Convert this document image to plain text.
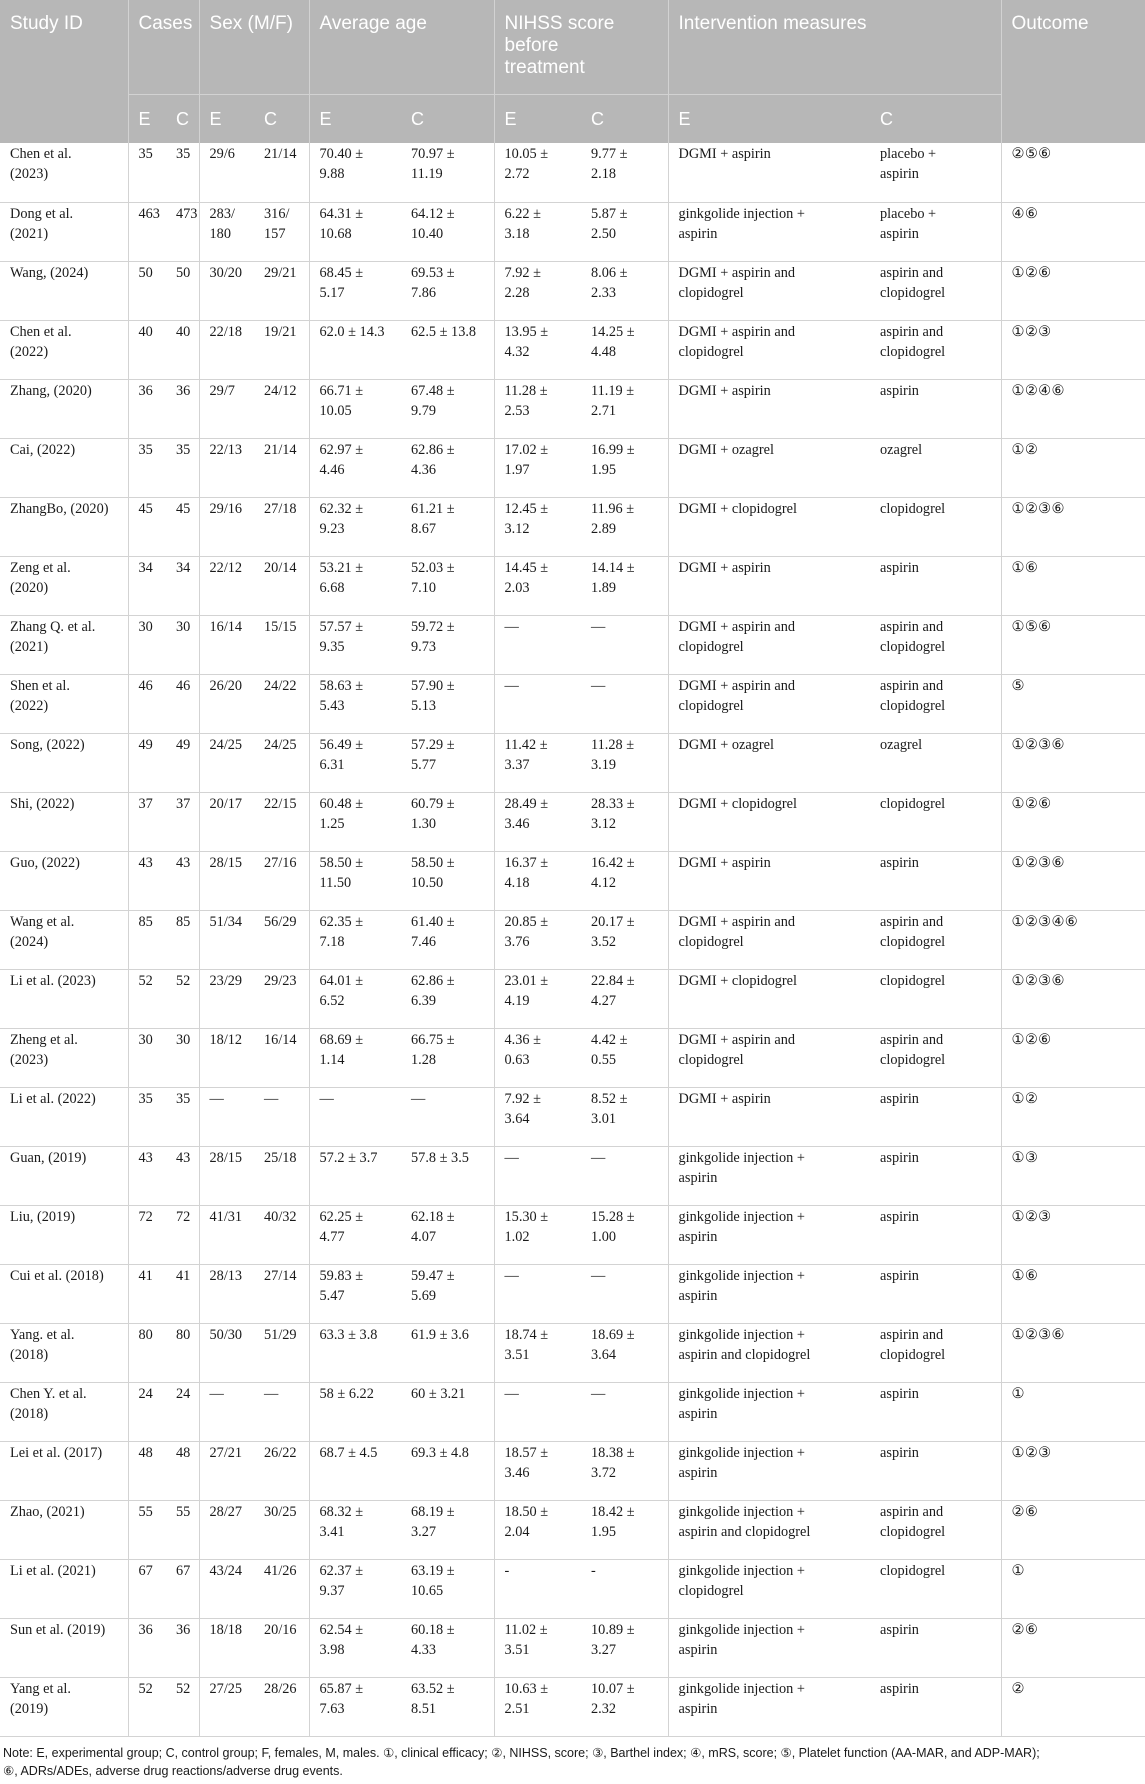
Study ID	Cases		Sex (M/F)		Average age		NIHSS score
before
treatment		Intervention measures		Outcome
	E	C	E	C	E	C	E	C	E	C	

Chen et al.
(2023)	35	35	29/6	21/14	70.40 ±
9.88	70.97 ±
11.19	10.05 ±
2.72	9.77 ±
2.18	DGMI + aspirin	placebo +
aspirin	②⑤⑥

Dong et al.
(2021)	463	473	283/
180	316/
157	64.31 ±
10.68	64.12 ±
10.40	6.22 ±
3.18	5.87 ±
2.50	ginkgolide injection +
aspirin	placebo +
aspirin	④⑥

Wang, (2024)	50	50	30/20	29/21	68.45 ±
5.17	69.53 ±
7.86	7.92 ±
2.28	8.06 ±
2.33	DGMI + aspirin and
clopidogrel	aspirin and
clopidogrel	①②⑥

Chen et al.
(2022)	40	40	22/18	19/21	62.0 ± 14.3	62.5 ± 13.8	13.95 ±
4.32	14.25 ±
4.48	DGMI + aspirin and
clopidogrel	aspirin and
clopidogrel	①②③

Zhang, (2020)	36	36	29/7	24/12	66.71 ±
10.05	67.48 ±
9.79	11.28 ±
2.53	11.19 ±
2.71	DGMI + aspirin	aspirin	①②④⑥

Cai, (2022)	35	35	22/13	21/14	62.97 ±
4.46	62.86 ±
4.36	17.02 ±
1.97	16.99 ±
1.95	DGMI + ozagrel	ozagrel	①②

ZhangBo, (2020)	45	45	29/16	27/18	62.32 ±
9.23	61.21 ±
8.67	12.45 ±
3.12	11.96 ±
2.89	DGMI + clopidogrel	clopidogrel	①②③⑥

Zeng et al.
(2020)	34	34	22/12	20/14	53.21 ±
6.68	52.03 ±
7.10	14.45 ±
2.03	14.14 ±
1.89	DGMI + aspirin	aspirin	①⑥

Zhang Q. et al.
(2021)	30	30	16/14	15/15	57.57 ±
9.35	59.72 ±
9.73	—	—	DGMI + aspirin and
clopidogrel	aspirin and
clopidogrel	①⑤⑥

Shen et al.
(2022)	46	46	26/20	24/22	58.63 ±
5.43	57.90 ±
5.13	—	—	DGMI + aspirin and
clopidogrel	aspirin and
clopidogrel	⑤

Song, (2022)	49	49	24/25	24/25	56.49 ±
6.31	57.29 ±
5.77	11.42 ±
3.37	11.28 ±
3.19	DGMI + ozagrel	ozagrel	①②③⑥

Shi, (2022)	37	37	20/17	22/15	60.48 ±
1.25	60.79 ±
1.30	28.49 ±
3.46	28.33 ±
3.12	DGMI + clopidogrel	clopidogrel	①②⑥

Guo, (2022)	43	43	28/15	27/16	58.50 ±
11.50	58.50 ±
10.50	16.37 ±
4.18	16.42 ±
4.12	DGMI + aspirin	aspirin	①②③⑥

Wang et al.
(2024)	85	85	51/34	56/29	62.35 ±
7.18	61.40 ±
7.46	20.85 ±
3.76	20.17 ±
3.52	DGMI + aspirin and
clopidogrel	aspirin and
clopidogrel	①②③④⑥

Li et al. (2023)	52	52	23/29	29/23	64.01 ±
6.52	62.86 ±
6.39	23.01 ±
4.19	22.84 ±
4.27	DGMI + clopidogrel	clopidogrel	①②③⑥

Zheng et al.
(2023)	30	30	18/12	16/14	68.69 ±
1.14	66.75 ±
1.28	4.36 ±
0.63	4.42 ±
0.55	DGMI + aspirin and
clopidogrel	aspirin and
clopidogrel	①②⑥

Li et al. (2022)	35	35	—	—	—	—	7.92 ±
3.64	8.52 ±
3.01	DGMI + aspirin	aspirin	①②

Guan, (2019)	43	43	28/15	25/18	57.2 ± 3.7	57.8 ± 3.5	—	—	ginkgolide injection +
aspirin	aspirin	①③

Liu, (2019)	72	72	41/31	40/32	62.25 ±
4.77	62.18 ±
4.07	15.30 ±
1.02	15.28 ±
1.00	ginkgolide injection +
aspirin	aspirin	①②③

Cui et al. (2018)	41	41	28/13	27/14	59.83 ±
5.47	59.47 ±
5.69	—	—	ginkgolide injection +
aspirin	aspirin	①⑥

Yang. et al.
(2018)	80	80	50/30	51/29	63.3 ± 3.8	61.9 ± 3.6	18.74 ±
3.51	18.69 ±
3.64	ginkgolide injection +
aspirin and clopidogrel	aspirin and
clopidogrel	①②③⑥

Chen Y. et al.
(2018)	24	24	—	—	58 ± 6.22	60 ± 3.21	—	—	ginkgolide injection +
aspirin	aspirin	①

Lei et al. (2017)	48	48	27/21	26/22	68.7 ± 4.5	69.3 ± 4.8	18.57 ±
3.46	18.38 ±
3.72	ginkgolide injection +
aspirin	aspirin	①②③

Zhao, (2021)	55	55	28/27	30/25	68.32 ±
3.41	68.19 ±
3.27	18.50 ±
2.04	18.42 ±
1.95	ginkgolide injection +
aspirin and clopidogrel	aspirin and
clopidogrel	②⑥

Li et al. (2021)	67	67	43/24	41/26	62.37 ±
9.37	63.19 ±
10.65	-	-	ginkgolide injection +
clopidogrel	clopidogrel	①

Sun et al. (2019)	36	36	18/18	20/16	62.54 ±
3.98	60.18 ±
4.33	11.02 ±
3.51	10.89 ±
3.27	ginkgolide injection +
aspirin	aspirin	②⑥

Yang et al.
(2019)	52	52	27/25	28/26	65.87 ±
7.63	63.52 ±
8.51	10.63 ±
2.51	10.07 ±
2.32	ginkgolide injection +
aspirin	aspirin	②
Note: E, experimental group; C, control group; F, females, M, males. ①, clinical efficacy; ②, NIHSS, score; ③, Barthel index; ④, mRS, score; ⑤, Platelet function (AA-MAR, and ADP-MAR);
⑥, ADRs/ADEs, adverse drug reactions/adverse drug events.
